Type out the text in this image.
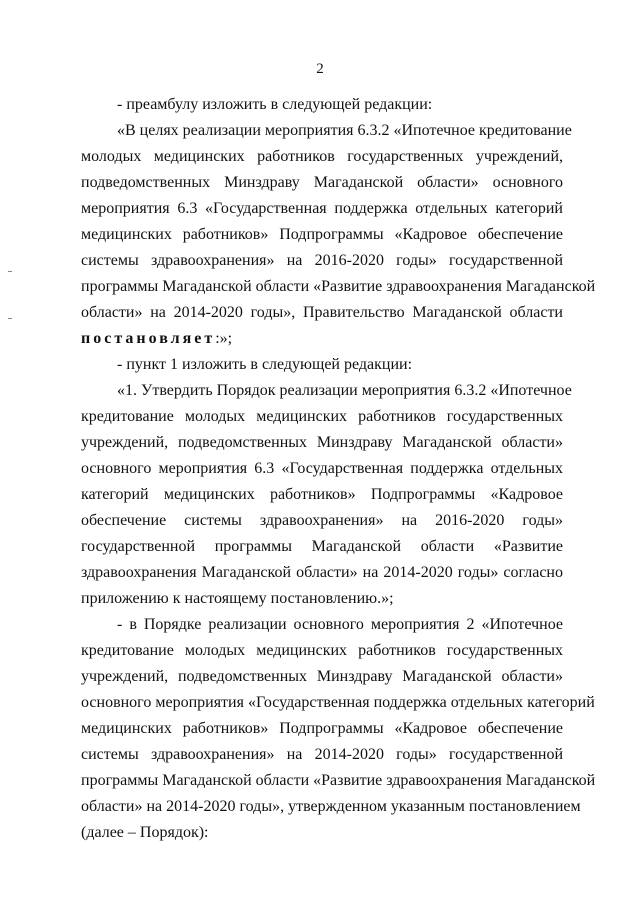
2
- преамбулу изложить в следующей редакции:
«В целях реализации мероприятия 6.3.2 «Ипотечное кредитование
молодых медицинских работников государственных учреждений,
подведомственных Минздраву Магаданской области» основного
мероприятия 6.3 «Государственная поддержка отдельных категорий
медицинских работников» Подпрограммы «Кадровое обеспечение
системы здравоохранения» на 2016-2020 годы» государственной
программы Магаданской области «Развитие здравоохранения Магаданской
области» на 2014-2020 годы», Правительство Магаданской области
постановляет:»;
- пункт 1 изложить в следующей редакции:
«1. Утвердить Порядок реализации мероприятия 6.3.2 «Ипотечное
кредитование молодых медицинских работников государственных
учреждений, подведомственных Минздраву Магаданской области»
основного мероприятия 6.3 «Государственная поддержка отдельных
категорий медицинских работников» Подпрограммы «Кадровое
обеспечение системы здравоохранения» на 2016-2020 годы»
государственной программы Магаданской области «Развитие
здравоохранения Магаданской области» на 2014-2020 годы» согласно
приложению к настоящему постановлению.»;
- в Порядке реализации основного мероприятия 2 «Ипотечное
кредитование молодых медицинских работников государственных
учреждений, подведомственных Минздраву Магаданской области»
основного мероприятия «Государственная поддержка отдельных категорий
медицинских работников» Подпрограммы «Кадровое обеспечение
системы здравоохранения» на 2014-2020 годы» государственной
программы Магаданской области «Развитие здравоохранения Магаданской
области» на 2014-2020 годы», утвержденном указанным постановлением
(далее – Порядок):
